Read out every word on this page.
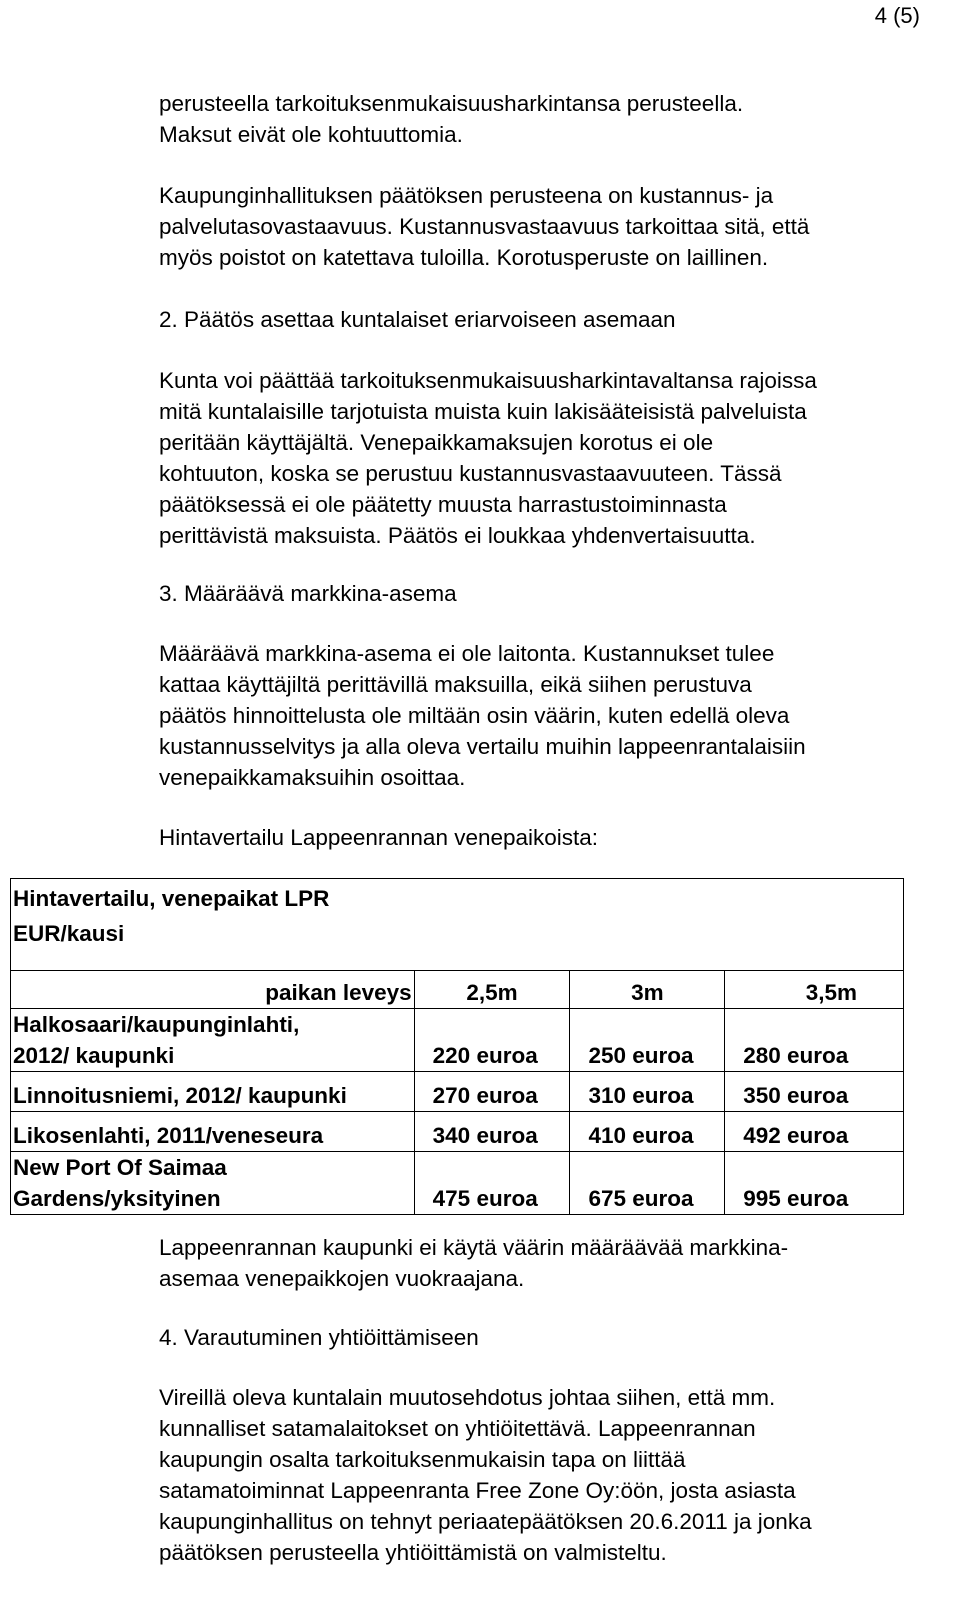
4 (5)

perusteella tarkoituksenmukaisuusharkintansa perusteella.

Maksut eivät ole kohtuuttomia.

Kaupunginhallituksen päätöksen perusteena on kustannus- ja

palvelutasovastaavuus. Kustannusvastaavuus tarkoittaa sitä, että

myös poistot on katettava tuloilla. Korotusperuste on laillinen.

2. Päätös asettaa kuntalaiset eriarvoiseen asemaan

Kunta voi päättää tarkoituksenmukaisuusharkintavaltansa rajoissa

mitä kuntalaisille tarjotuista muista kuin lakisääteisistä palveluista

peritään käyttäjältä. Venepaikkamaksujen korotus ei ole

kohtuuton, koska se perustuu kustannusvastaavuuteen. Tässä

päätöksessä ei ole päätetty muusta harrastustoiminnasta

perittävistä maksuista. Päätös ei loukkaa yhdenvertaisuutta.

3. Määräävä markkina-asema

Määräävä markkina-asema ei ole laitonta. Kustannukset tulee

kattaa käyttäjiltä perittävillä maksuilla, eikä siihen perustuva

päätös hinnoittelusta ole miltään osin väärin, kuten edellä oleva

kustannusselvitys ja alla oleva vertailu muihin lappeenrantalaisiin

venepaikkamaksuihin osoittaa.

Hintavertailu Lappeenrannan venepaikoista:
Hintavertailu, venepaikat LPR
EUR/kausi
paikan leveys	2,5m	3m	3,5m

Halkosaari/kaupunginlahti,
2012/ kaupunki	220 euroa	250 euroa	280 euroa

Linnoitusniemi, 2012/ kaupunki	270 euroa	310 euroa	350 euroa

Likosenlahti, 2011/veneseura	340 euroa	410 euroa	492 euroa

New Port Of Saimaa
Gardens/yksityinen	475 euroa	675 euroa	995 euroa

Lappeenrannan kaupunki ei käytä väärin määräävää markkina-

asemaa venepaikkojen vuokraajana.

4. Varautuminen yhtiöittämiseen

Vireillä oleva kuntalain muutosehdotus johtaa siihen, että mm.

kunnalliset satamalaitokset on yhtiöitettävä. Lappeenrannan

kaupungin osalta tarkoituksenmukaisin tapa on liittää

satamatoiminnat Lappeenranta Free Zone Oy:öön, josta asiasta

kaupunginhallitus on tehnyt periaatepäätöksen 20.6.2011 ja jonka

päätöksen perusteella yhtiöittämistä on valmisteltu.
